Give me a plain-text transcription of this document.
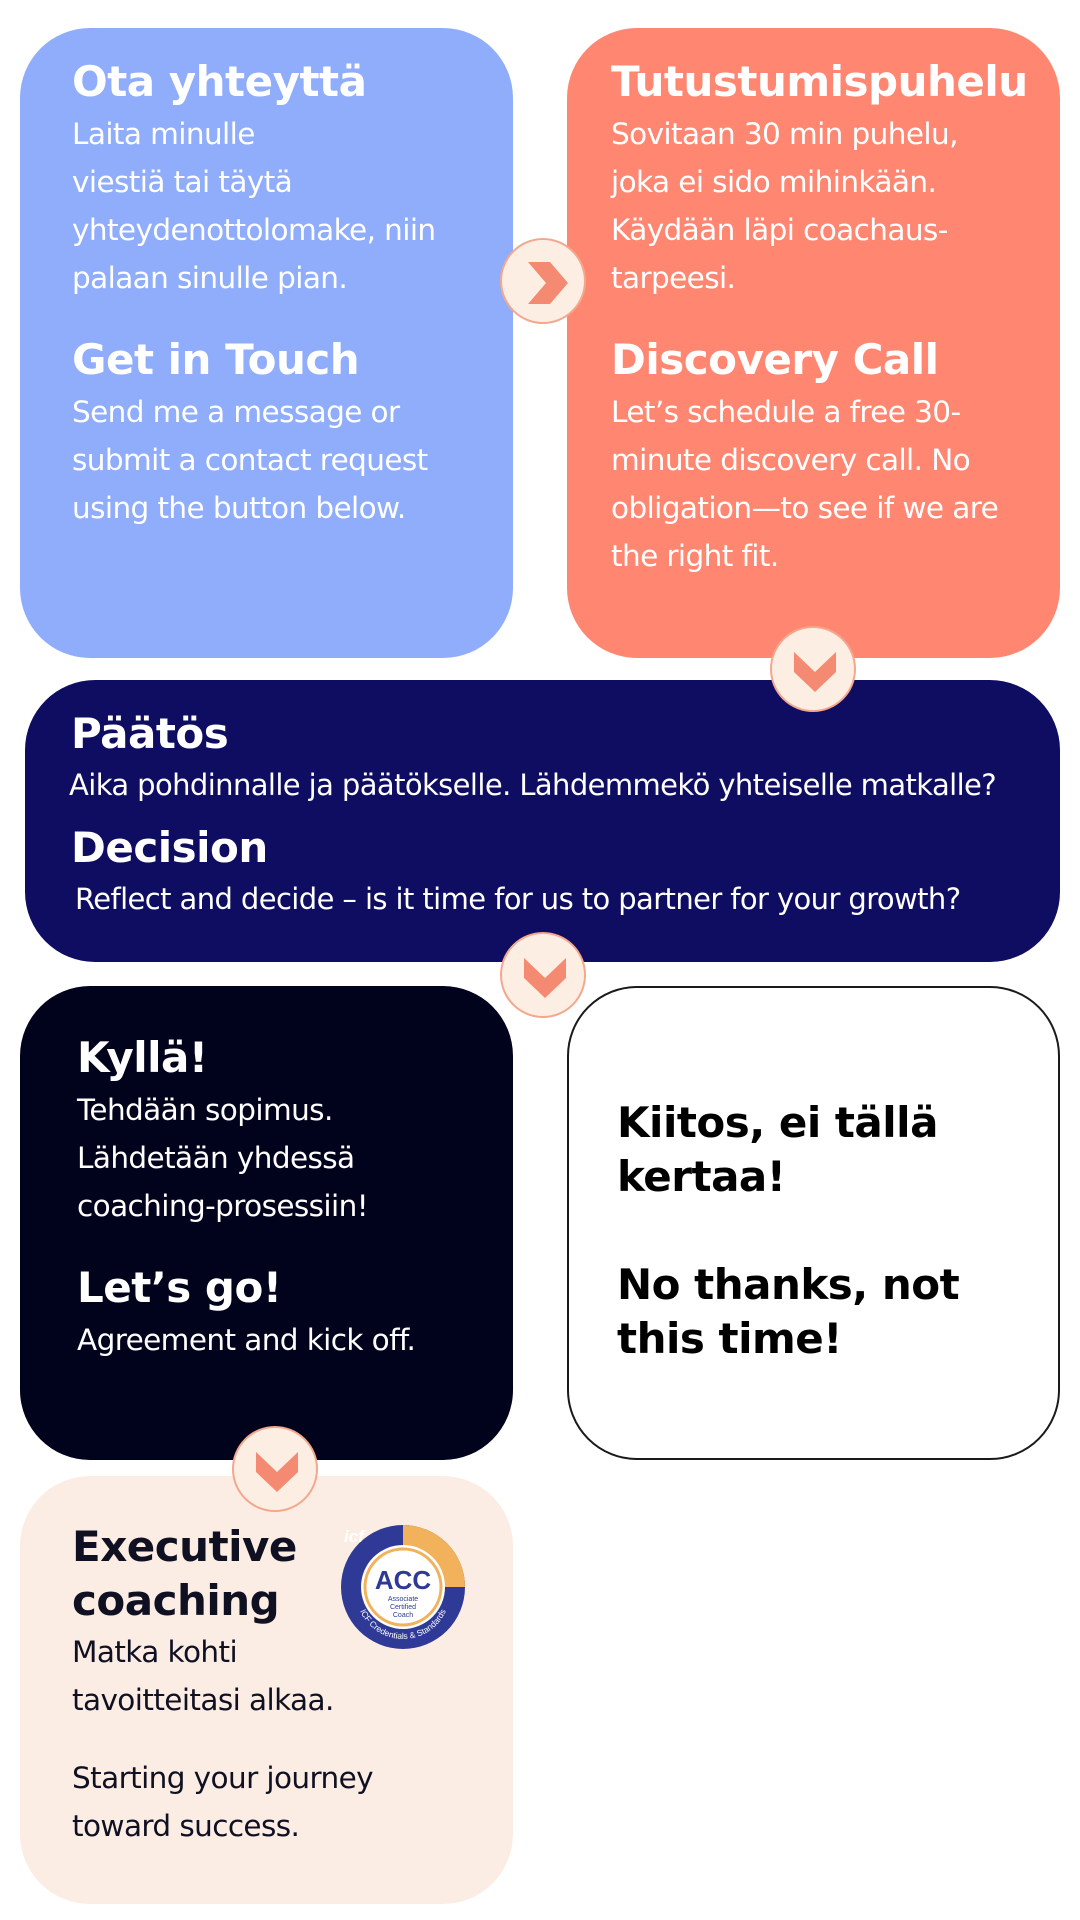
Ota yhteyttä

Laita minulle

viestiä tai täytä

yhteydenottolomake, niin

palaan sinulle pian.

Get in Touch

Send me a message or

submit a contact request

using the button below.

Tutustumispuhelu

Sovitaan 30 min puhelu,

joka ei sido mihinkään.

Käydään läpi coachaus-

tarpeesi.

Discovery Call

Let’s schedule a free 30-

minute discovery call. No

obligation—to see if we are

the right fit.

Päätös

Aika pohdinnalle ja päätökselle. Lähdemmekö yhteiselle matkalle?

Decision

Reflect and decide – is it time for us to partner for your growth?

Kyllä!

Tehdään sopimus.

Lähdetään yhdessä

coaching-prosessiin!

Let’s go!

Agreement and kick off.

Kiitos, ei tällä

kertaa!

No thanks, not

this time!

Executive

coaching

Matka kohti

tavoitteitasi alkaa.

Starting your journey

toward success.

icf
ACC
Associate
Certified
Coach
ICF Credentials & Standards
